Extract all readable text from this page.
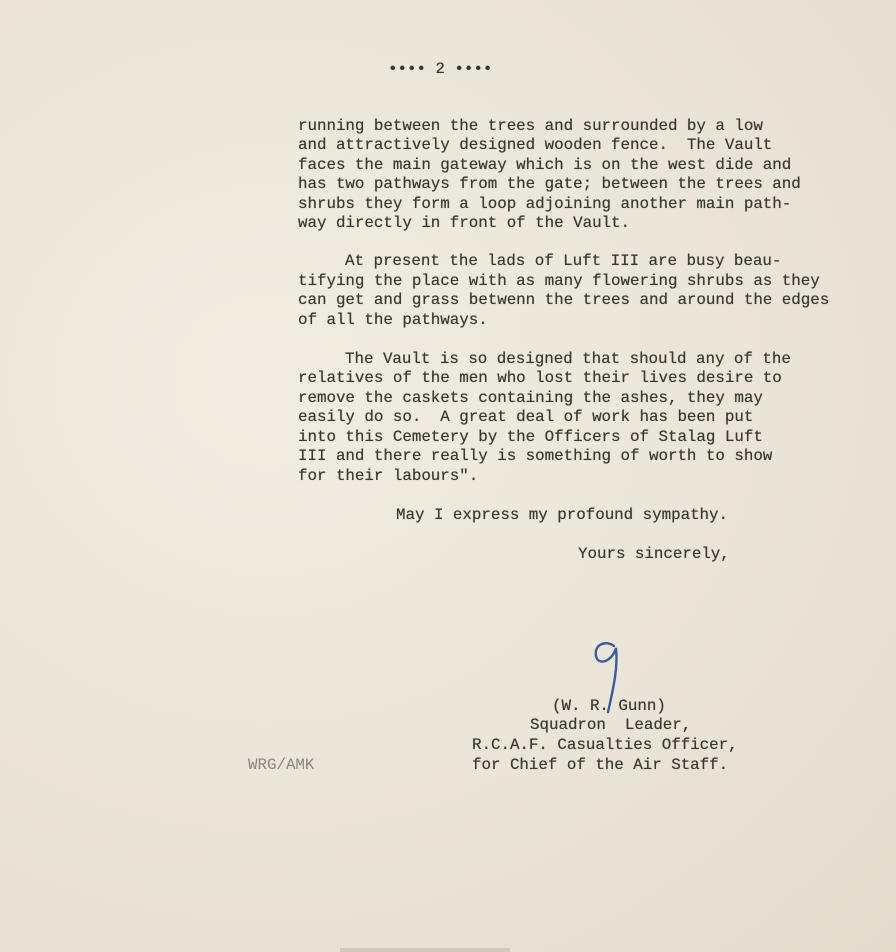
•••• 2 ••••
running between the trees and surrounded by a low
and attractively designed wooden fence.  The Vault
faces the main gateway which is on the west dide and
has two pathways from the gate; between the trees and
shrubs they form a loop adjoining another main path-
way directly in front of the Vault.
At present the lads of Luft III are busy beau-
tifying the place with as many flowering shrubs as they
can get and grass betwenn the trees and around the edges
of all the pathways.
The Vault is so designed that should any of the
relatives of the men who lost their lives desire to
remove the caskets containing the ashes, they may
easily do so.  A great deal of work has been put
into this Cemetery by the Officers of Stalag Luft
III and there really is something of worth to show
for their labours".
May I express my profound sympathy.
Yours sincerely,
(W. R. Gunn)
Squadron  Leader,
R.C.A.F. Casualties Officer,
for Chief of the Air Staff.
WRG/AMK
